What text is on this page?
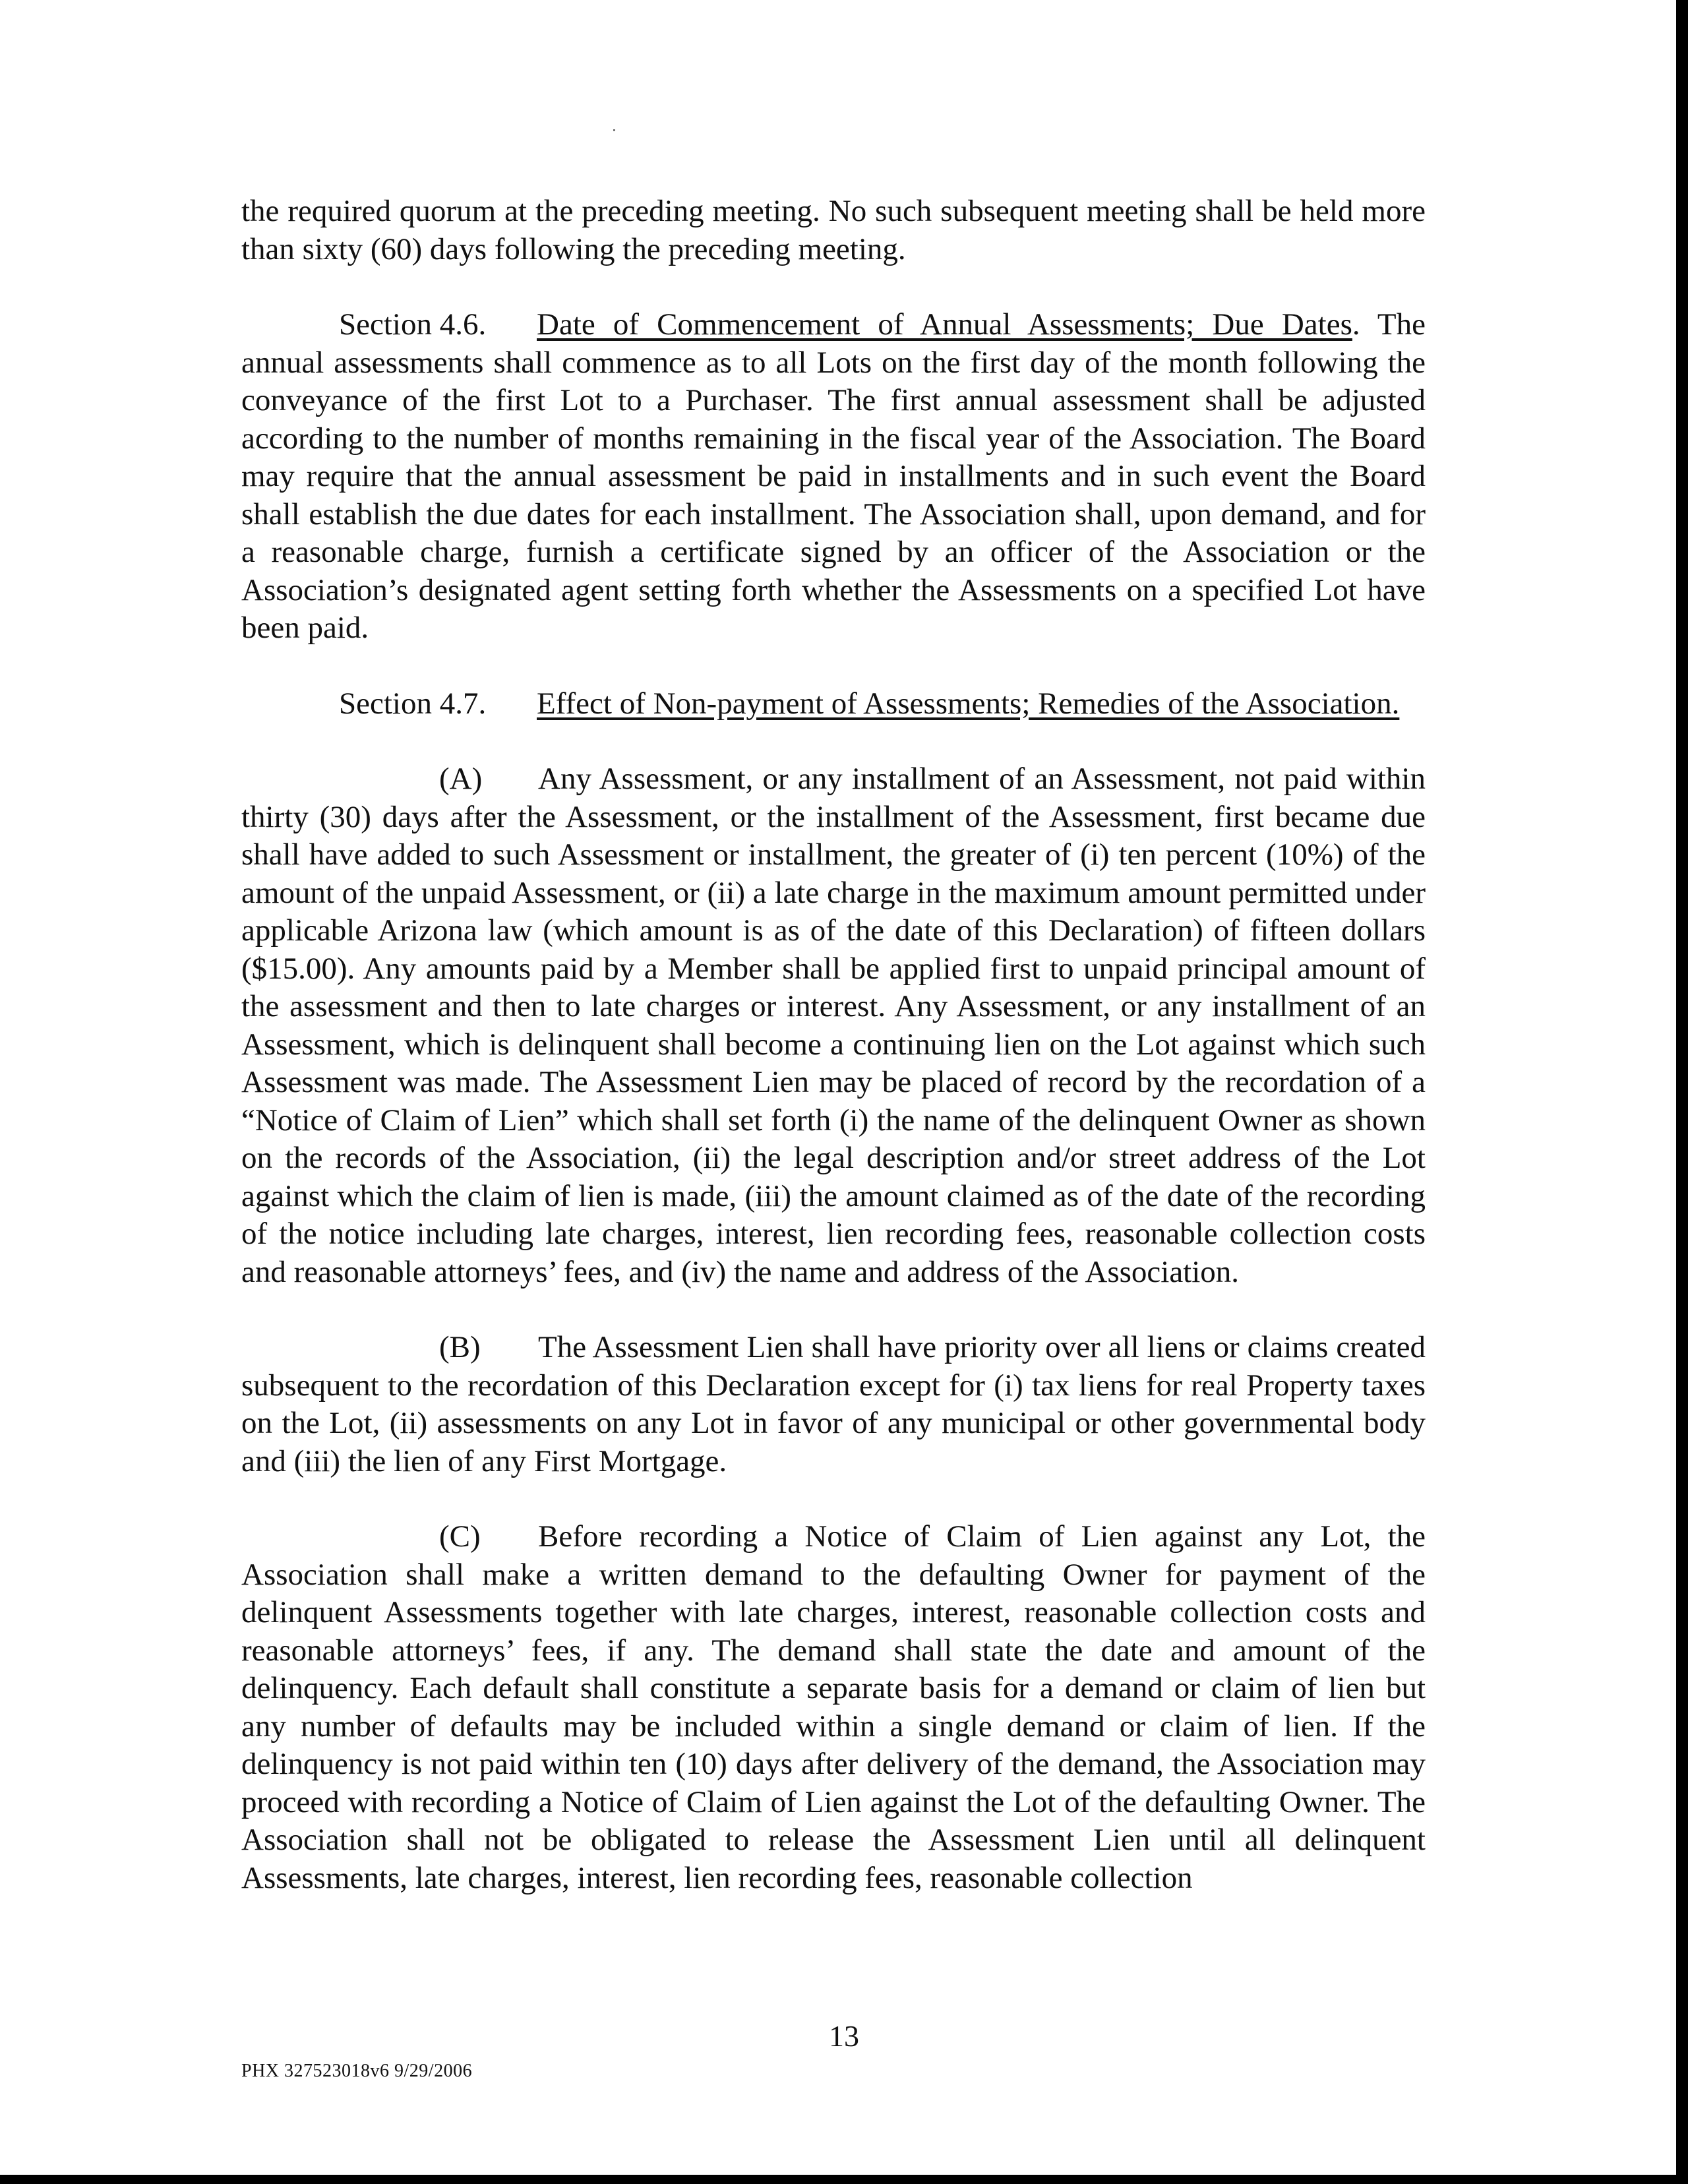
the required quorum at the preceding meeting. No such subsequent meeting shall be held more than sixty (60) days following the preceding meeting.

Section 4.6. Date of Commencement of Annual Assessments; Due Dates. The annual assessments shall commence as to all Lots on the first day of the month following the conveyance of the first Lot to a Purchaser. The first annual assessment shall be adjusted according to the number of months remaining in the fiscal year of the Association. The Board may require that the annual assessment be paid in installments and in such event the Board shall establish the due dates for each installment. The Association shall, upon demand, and for a reasonable charge, furnish a certificate signed by an officer of the Association or the Association’s designated agent setting forth whether the Assessments on a specified Lot have been paid.

Section 4.7. Effect of Non-payment of Assessments; Remedies of the Association.

(A) Any Assessment, or any installment of an Assessment, not paid within thirty (30) days after the Assessment, or the installment of the Assessment, first became due shall have added to such Assessment or installment, the greater of (i) ten percent (10%) of the amount of the unpaid Assessment, or (ii) a late charge in the maximum amount permitted under applicable Arizona law (which amount is as of the date of this Declaration) of fifteen dollars ($15.00). Any amounts paid by a Member shall be applied first to unpaid principal amount of the assessment and then to late charges or interest. Any Assessment, or any installment of an Assessment, which is delinquent shall become a continuing lien on the Lot against which such Assessment was made. The Assessment Lien may be placed of record by the recordation of a “Notice of Claim of Lien” which shall set forth (i) the name of the delinquent Owner as shown on the records of the Association, (ii) the legal description and/or street address of the Lot against which the claim of lien is made, (iii) the amount claimed as of the date of the recording of the notice including late charges, interest, lien recording fees, reasonable collection costs and reasonable attorneys’ fees, and (iv) the name and address of the Association.

(B) The Assessment Lien shall have priority over all liens or claims created subsequent to the recordation of this Declaration except for (i) tax liens for real Property taxes on the Lot, (ii) assessments on any Lot in favor of any municipal or other governmental body and (iii) the lien of any First Mortgage.

(C) Before recording a Notice of Claim of Lien against any Lot, the Association shall make a written demand to the defaulting Owner for payment of the delinquent Assessments together with late charges, interest, reasonable collection costs and reasonable attorneys’ fees, if any. The demand shall state the date and amount of the delinquency. Each default shall constitute a separate basis for a demand or claim of lien but any number of defaults may be included within a single demand or claim of lien. If the delinquency is not paid within ten (10) days after delivery of the demand, the Association may proceed with recording a Notice of Claim of Lien against the Lot of the defaulting Owner. The Association shall not be obligated to release the Assessment Lien until all delinquent Assessments, late charges, interest, lien recording fees, reasonable collection

13
PHX 327523018v6 9/29/2006
